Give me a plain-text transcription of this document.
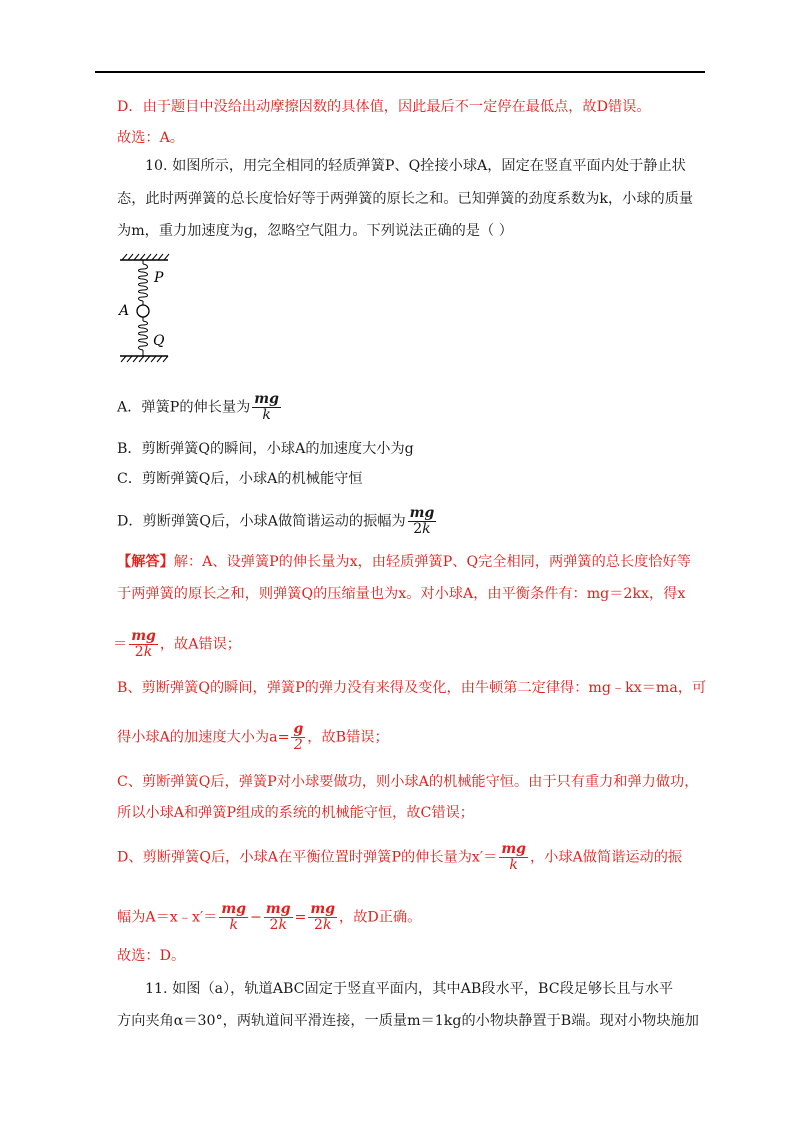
D．由于题目中没给出动摩擦因数的具体值，因此最后不一定停在最低点，故D错误。
故选：A。
10. 如图所示，用完全相同的轻质弹簧P、Q拴接小球A，固定在竖直平面内处于静止状
态，此时两弹簧的总长度恰好等于两弹簧的原长之和。已知弹簧的劲度系数为k，小球的质量
为m，重力加速度为g，忽略空气阻力。下列说法正确的是（ ）
P
A
Q
A．弹簧P的伸长量为 $\frac{mg}{k}$
B．剪断弹簧Q的瞬间，小球A的加速度大小为g
C．剪断弹簧Q后，小球A的机械能守恒
D．剪断弹簧Q后，小球A做简谐运动的振幅为 $\frac{mg}{2k}$
【解答】解：A、设弹簧P的伸长量为x，由轻质弹簧P、Q完全相同，两弹簧的总长度恰好等
于两弹簧的原长之和，则弹簧Q的压缩量也为x。对小球A，由平衡条件有：mg＝2kx，得x
＝ $\frac{mg}{2k}$ ，故A错误；
B、剪断弹簧Q的瞬间，弹簧P的弹力没有来得及变化，由牛顿第二定律得：mg﹣kx＝ma，可
得小球A的加速度大小为$a= \frac{g}{2}$ ，故B错误；
C、剪断弹簧Q后，弹簧P对小球要做功，则小球A的机械能守恒。由于只有重力和弹力做功，
所以小球A和弹簧P组成的系统的机械能守恒，故C错误；
D、剪断弹簧Q后，小球A在平衡位置时弹簧P的伸长量为$x'= \frac{mg}{k}$ ，小球A做简谐运动的振
幅为A＝x﹣x′＝ $\frac{mg}{k} - \frac{mg}{2k} = \frac{mg}{2k}$ ，故D正确。
故选：D。
11. 如图（a），轨道ABC固定于竖直平面内，其中AB段水平，BC段足够长且与水平
方向夹角α＝30°，两轨道间平滑连接，一质量m＝1kg的小物块静置于B端。现对小物块施加
